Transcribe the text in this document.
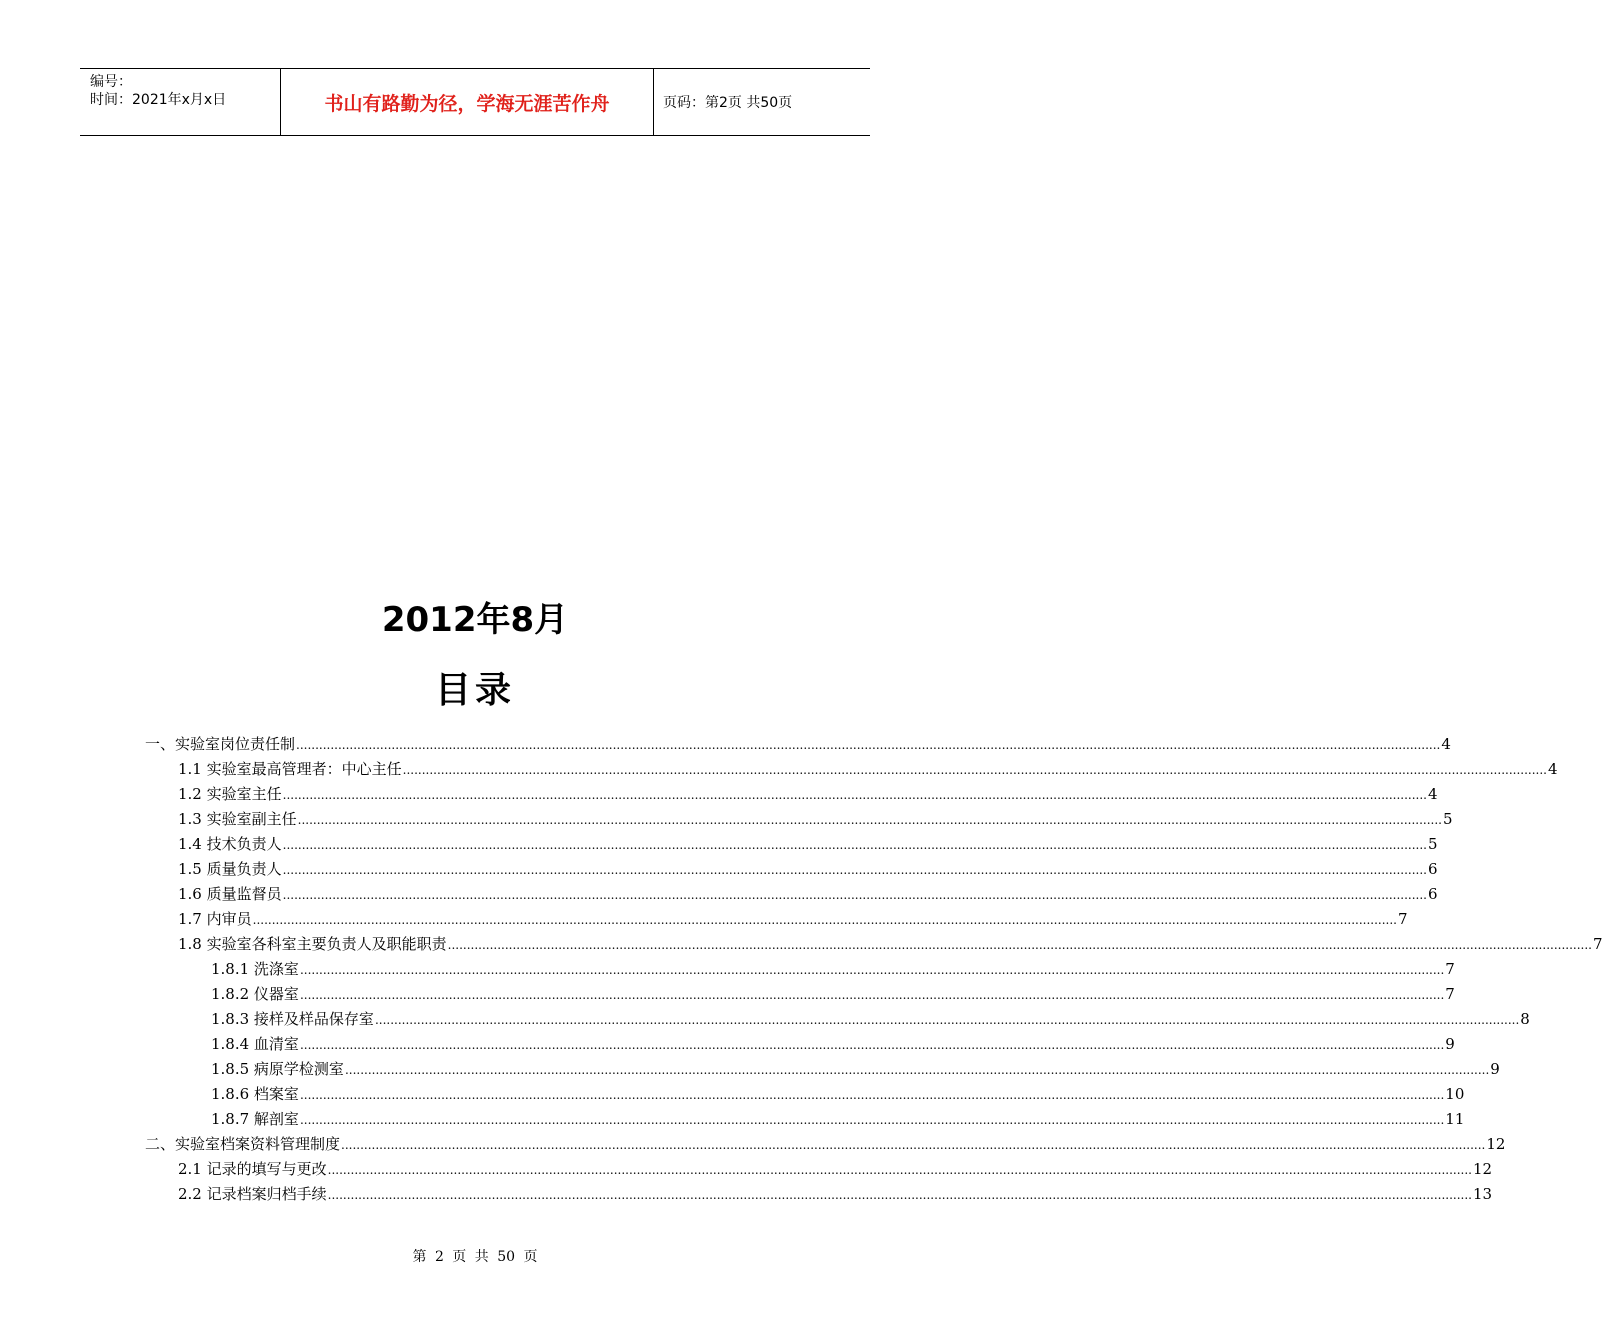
编号：
时间：2021年x月x日	书山有路勤为径，学海无涯苦作舟	页码：第2页 共50页
2012年8月
目录
一、实验室岗位责任制 ............................................................................................................................................................................................................................................................................................................ 4
1.1 实验室最高管理者：中心主任 ............................................................................................................................................................................................................................................................................................................ 4
1.2 实验室主任 ............................................................................................................................................................................................................................................................................................................ 4
1.3 实验室副主任 ............................................................................................................................................................................................................................................................................................................ 5
1.4 技术负责人 ............................................................................................................................................................................................................................................................................................................ 5
1.5 质量负责人 ............................................................................................................................................................................................................................................................................................................ 6
1.6 质量监督员 ............................................................................................................................................................................................................................................................................................................ 6
1.7 内审员 ............................................................................................................................................................................................................................................................................................................ 7
1.8 实验室各科室主要负责人及职能职责 ............................................................................................................................................................................................................................................................................................................ 7
1.8.1 洗涤室 ............................................................................................................................................................................................................................................................................................................ 7
1.8.2 仪器室 ............................................................................................................................................................................................................................................................................................................ 7
1.8.3 接样及样品保存室 ............................................................................................................................................................................................................................................................................................................ 8
1.8.4 血清室 ............................................................................................................................................................................................................................................................................................................ 9
1.8.5 病原学检测室 ............................................................................................................................................................................................................................................................................................................ 9
1.8.6 档案室 ............................................................................................................................................................................................................................................................................................................ 10
1.8.7 解剖室 ............................................................................................................................................................................................................................................................................................................ 11
二、实验室档案资料管理制度 ............................................................................................................................................................................................................................................................................................................ 12
2.1 记录的填写与更改 ............................................................................................................................................................................................................................................................................................................ 12
2.2 记录档案归档手续 ............................................................................................................................................................................................................................................................................................................ 13
第 2 页 共 50 页
